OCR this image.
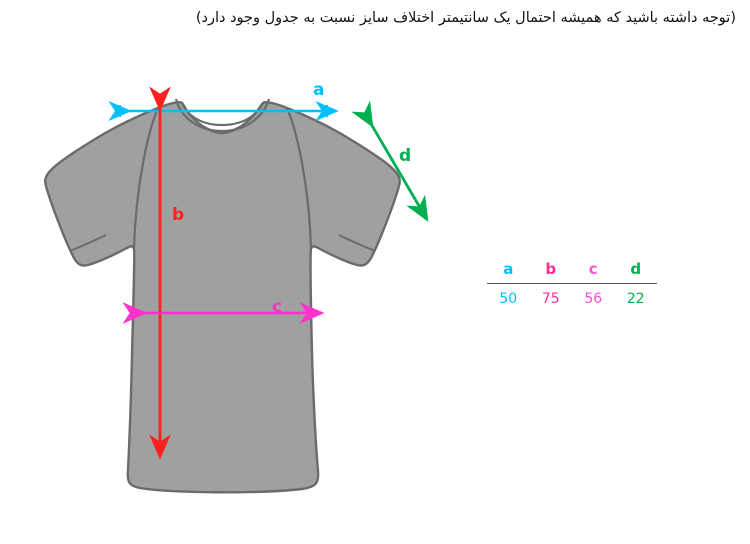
(توجه داشته باشید که همیشه احتمال یک سانتیمتر اختلاف سایز نسبت به جدول وجود دارد)
a
b
c
d
a	b	c	d
50	75	56	22
